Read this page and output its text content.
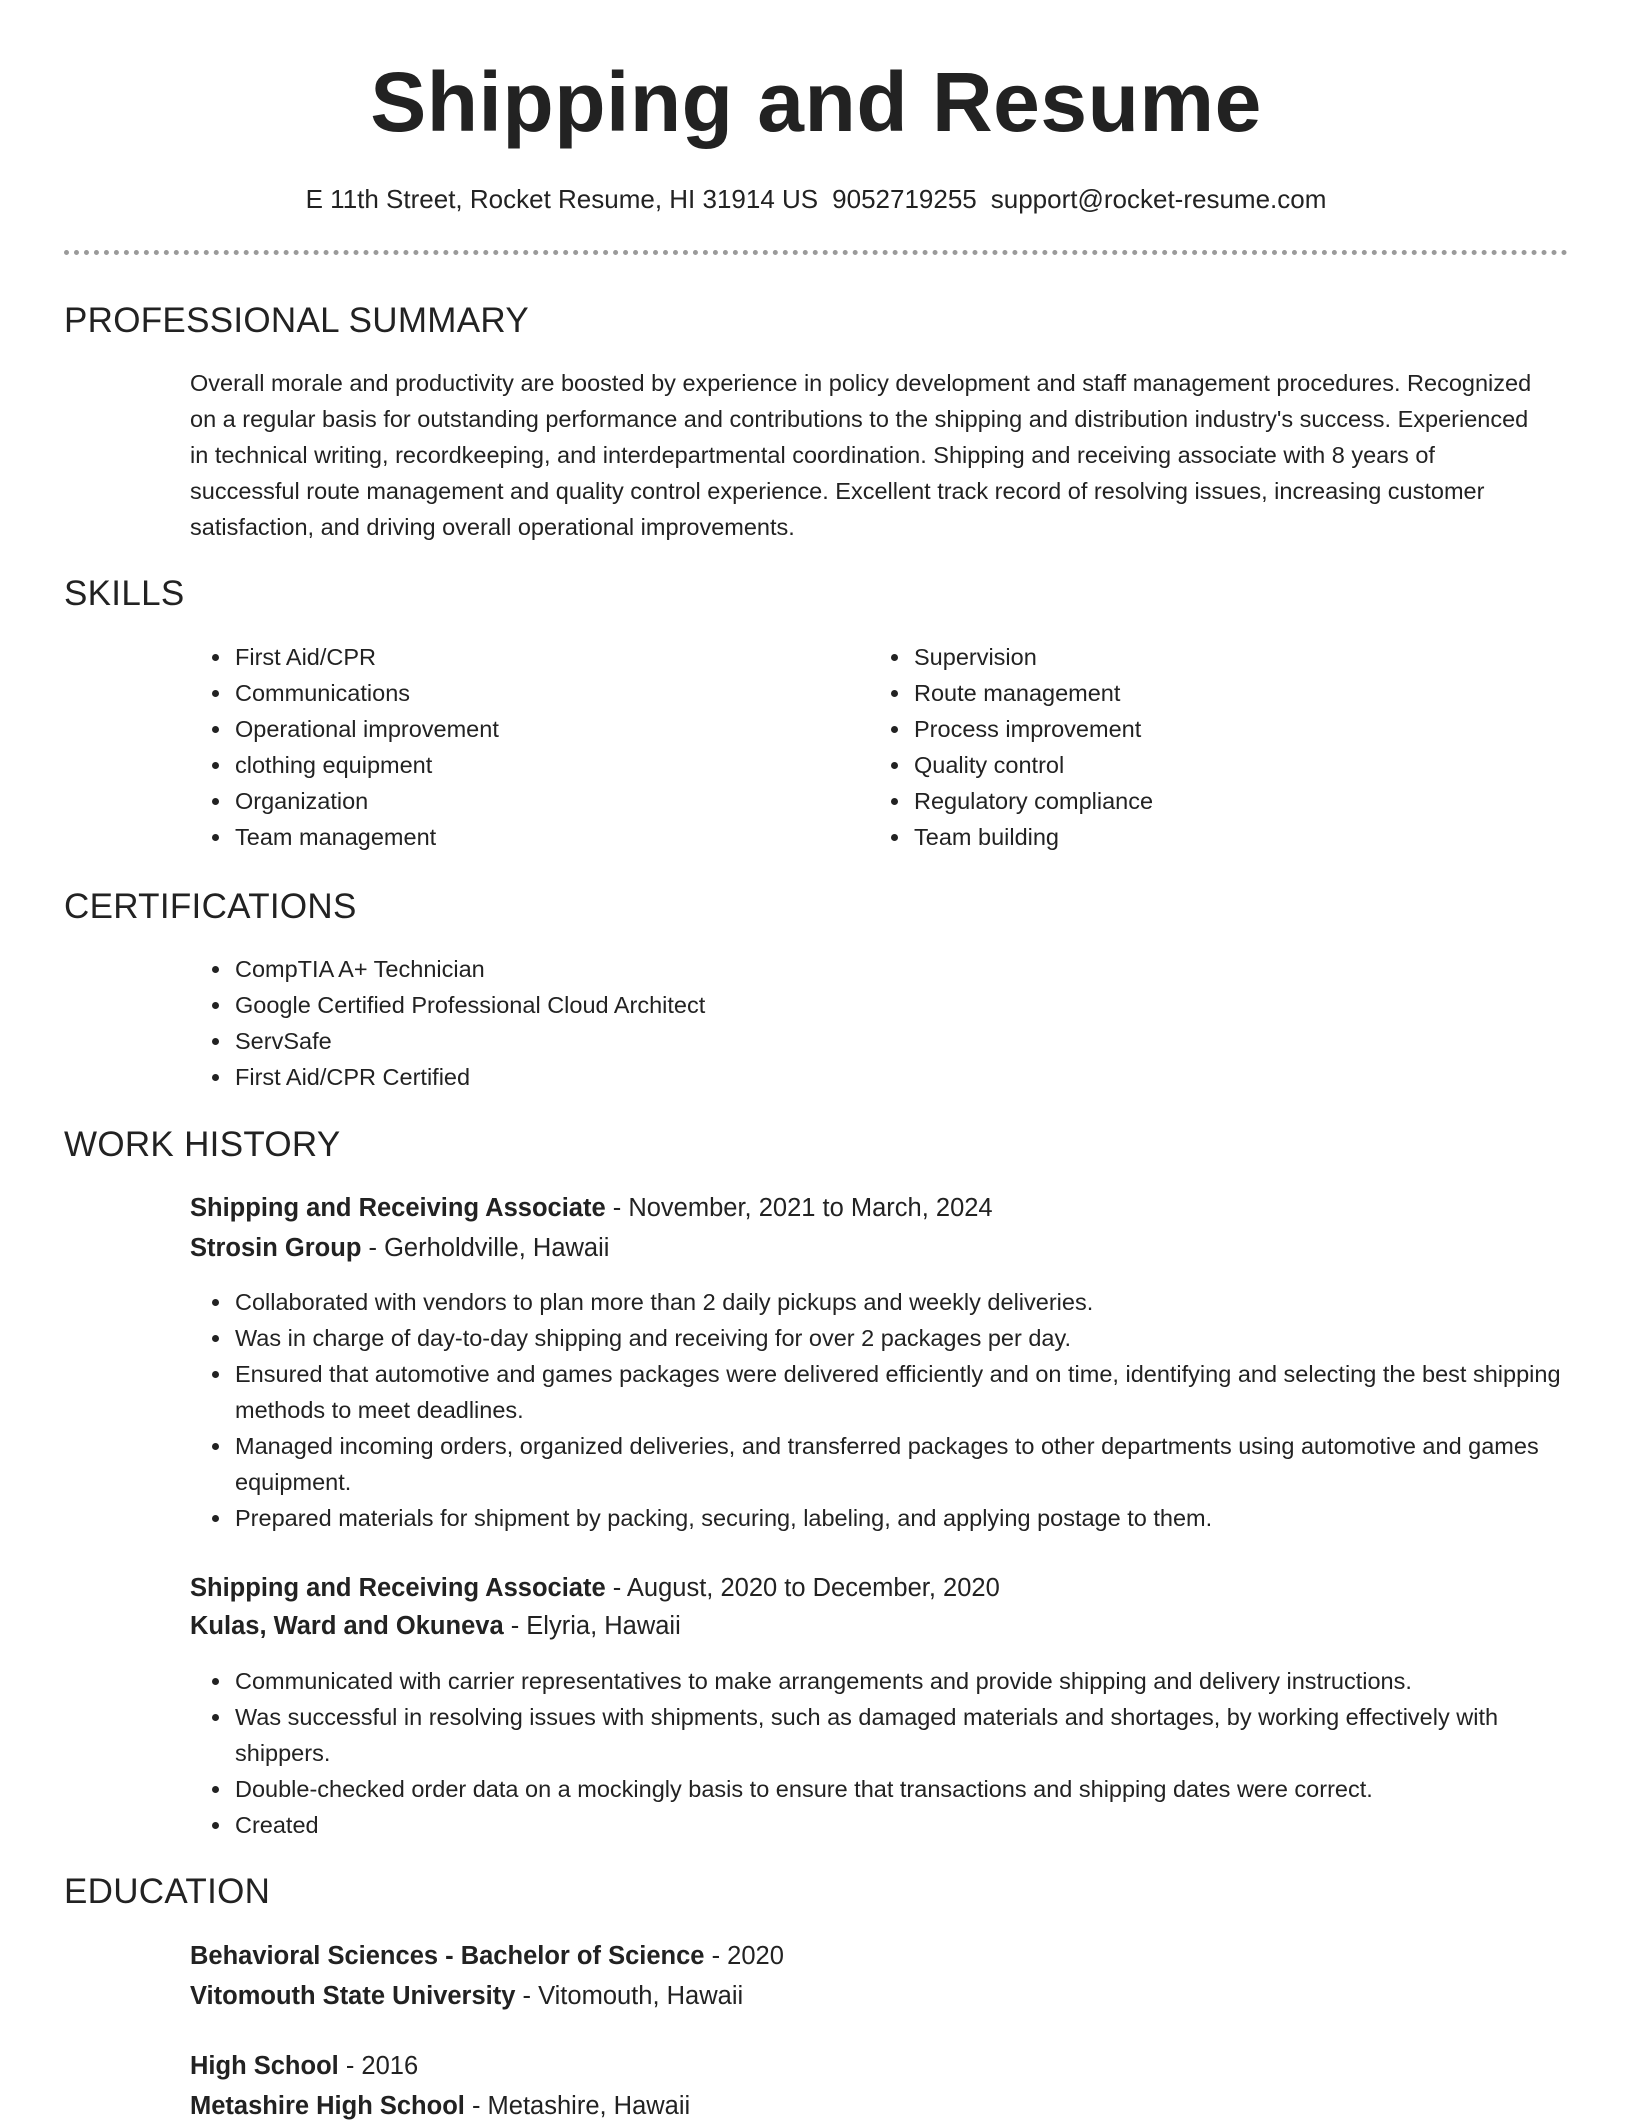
Shipping and Resume
E 11th Street, Rocket Resume, HI 31914 US 9052719255 support@rocket-resume.com
PROFESSIONAL SUMMARY
Overall morale and productivity are boosted by experience in policy development and staff management procedures. Recognized on a regular basis for outstanding performance and contributions to the shipping and distribution industry's success. Experienced in technical writing, recordkeeping, and interdepartmental coordination. Shipping and receiving associate with 8 years of successful route management and quality control experience. Excellent track record of resolving issues, increasing customer satisfaction, and driving overall operational improvements.
SKILLS
• First Aid/CPR
• Communications
• Operational improvement
• clothing equipment
• Organization
• Team management
• Supervision
• Route management
• Process improvement
• Quality control
• Regulatory compliance
• Team building
CERTIFICATIONS
• CompTIA A+ Technician
• Google Certified Professional Cloud Architect
• ServSafe
• First Aid/CPR Certified
WORK HISTORY
Shipping and Receiving Associate - November, 2021 to March, 2024
Strosin Group - Gerholdville, Hawaii
• Collaborated with vendors to plan more than 2 daily pickups and weekly deliveries.
• Was in charge of day-to-day shipping and receiving for over 2 packages per day.
• Ensured that automotive and games packages were delivered efficiently and on time, identifying and selecting the best shipping methods to meet deadlines.
• Managed incoming orders, organized deliveries, and transferred packages to other departments using automotive and games equipment.
• Prepared materials for shipment by packing, securing, labeling, and applying postage to them.
Shipping and Receiving Associate - August, 2020 to December, 2020
Kulas, Ward and Okuneva - Elyria, Hawaii
• Communicated with carrier representatives to make arrangements and provide shipping and delivery instructions.
• Was successful in resolving issues with shipments, such as damaged materials and shortages, by working effectively with shippers.
• Double-checked order data on a mockingly basis to ensure that transactions and shipping dates were correct.
• Created
EDUCATION
Behavioral Sciences - Bachelor of Science - 2020
Vitomouth State University - Vitomouth, Hawaii
High School - 2016
Metashire High School - Metashire, Hawaii
